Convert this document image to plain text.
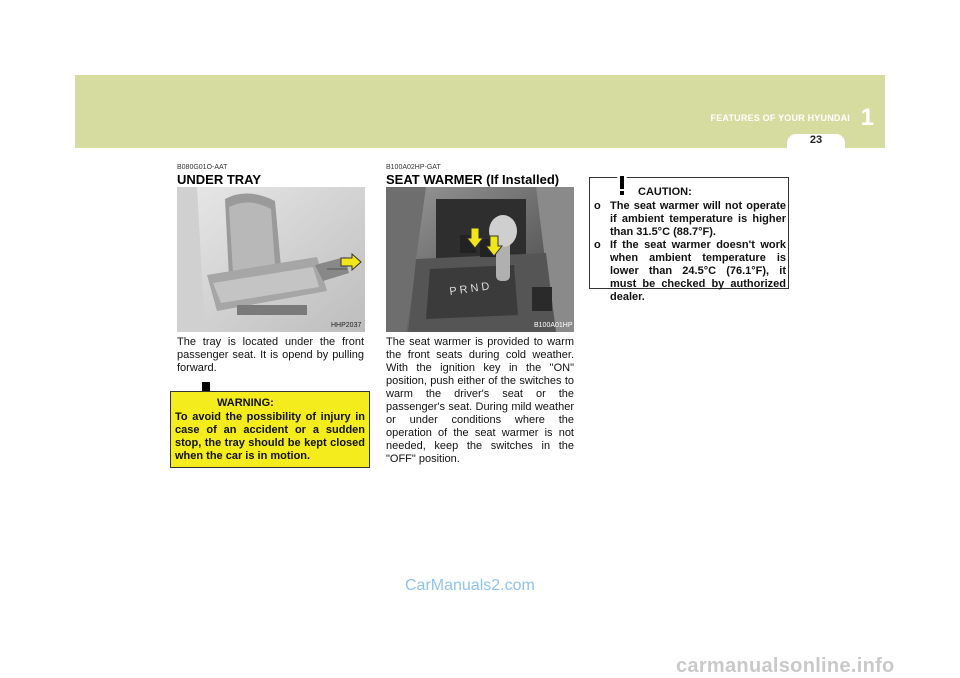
FEATURES OF YOUR HYUNDAI 1
23
B080G01O-AAT
UNDER TRAY
HHP2037
The tray is located under the front passenger seat. It is opend by pulling forward.
WARNING:
To avoid the possibility of injury in case of an accident or a sudden stop, the tray should be kept closed when the car is in motion.
B100A02HP-GAT
SEAT WARMER (If Installed)
P R N D
B100A01HP
The seat warmer is provided to warm the front seats during cold weather. With the ignition key in the "ON" position, push either of the switches to warm the driver's seat or the passenger's seat. During mild weather or under conditions where the operation of the seat warmer is not needed, keep the switches in the "OFF" position.
CAUTION:
o The seat warmer will not operate if ambient temperature is higher than 31.5°C (88.7°F).
o If the seat warmer doesn't work when ambient temperature is lower than 24.5°C (76.1°F), it must be checked by authorized dealer.
CarManuals2.com
carmanualsonline.info
